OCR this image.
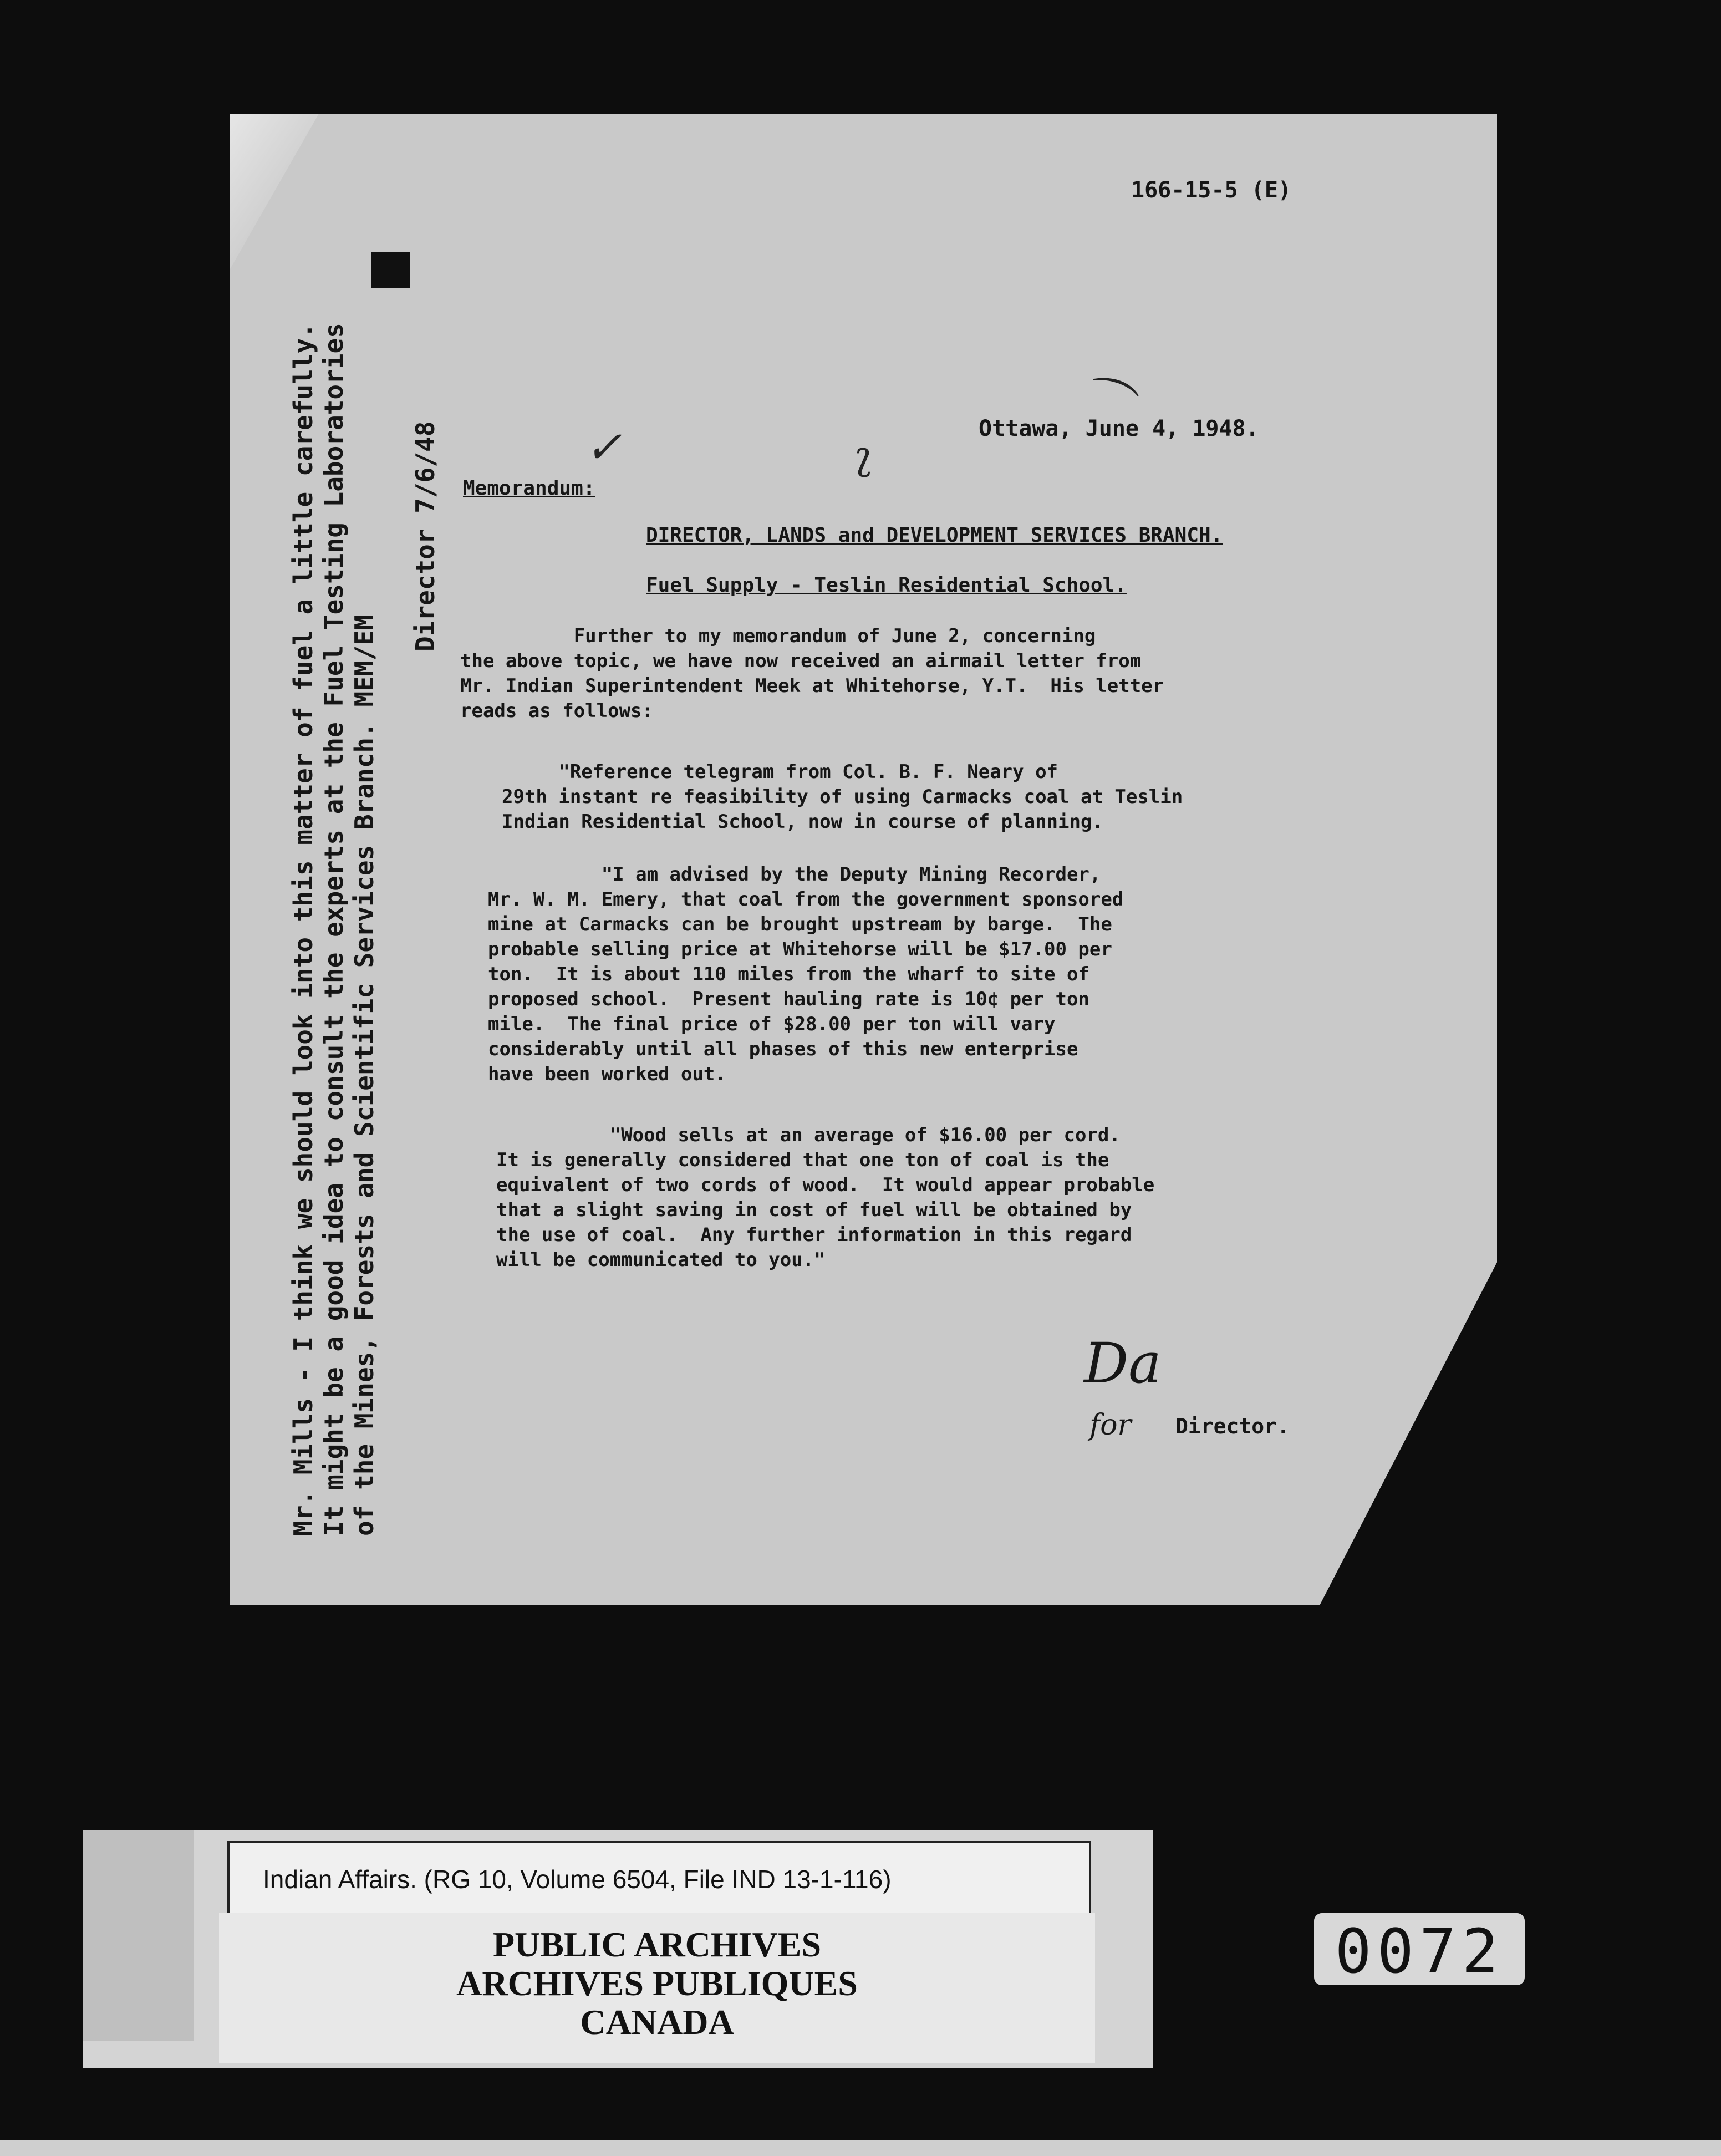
166-15-5 (E)
⌒
Ottawa, June 4, 1948.
✓	ʅ
Memorandum:
DIRECTOR, LANDS and DEVELOPMENT SERVICES BRANCH.
Fuel Supply - Teslin Residential School.
Further to my memorandum of June 2, concerning
the above topic, we have now received an airmail letter from
Mr. Indian Superintendent Meek at Whitehorse, Y.T.  His letter
reads as follows:
"Reference telegram from Col. B. F. Neary of
29th instant re feasibility of using Carmacks coal at Teslin
Indian Residential School, now in course of planning.
"I am advised by the Deputy Mining Recorder,
Mr. W. M. Emery, that coal from the government sponsored
mine at Carmacks can be brought upstream by barge.  The
probable selling price at Whitehorse will be $17.00 per
ton.  It is about 110 miles from the wharf to site of
proposed school.  Present hauling rate is 10¢ per ton
mile.  The final price of $28.00 per ton will vary
considerably until all phases of this new enterprise
have been worked out.
"Wood sells at an average of $16.00 per cord.
It is generally considered that one ton of coal is the
equivalent of two cords of wood.  It would appear probable
that a slight saving in cost of fuel will be obtained by
the use of coal.  Any further information in this regard
will be communicated to you."
Da
for Director.
Mr. Mills - I think we should look into this matter of fuel a little carefully. It might be a good idea to consult the experts at the Fuel Testing Laboratories of the Mines, Forests and Scientific Services Branch. MEM/EM
Director 7/6/48
Indian Affairs. (RG 10, Volume 6504, File IND 13-1-116)
PUBLIC ARCHIVES
ARCHIVES PUBLIQUES
CANADA
0072
